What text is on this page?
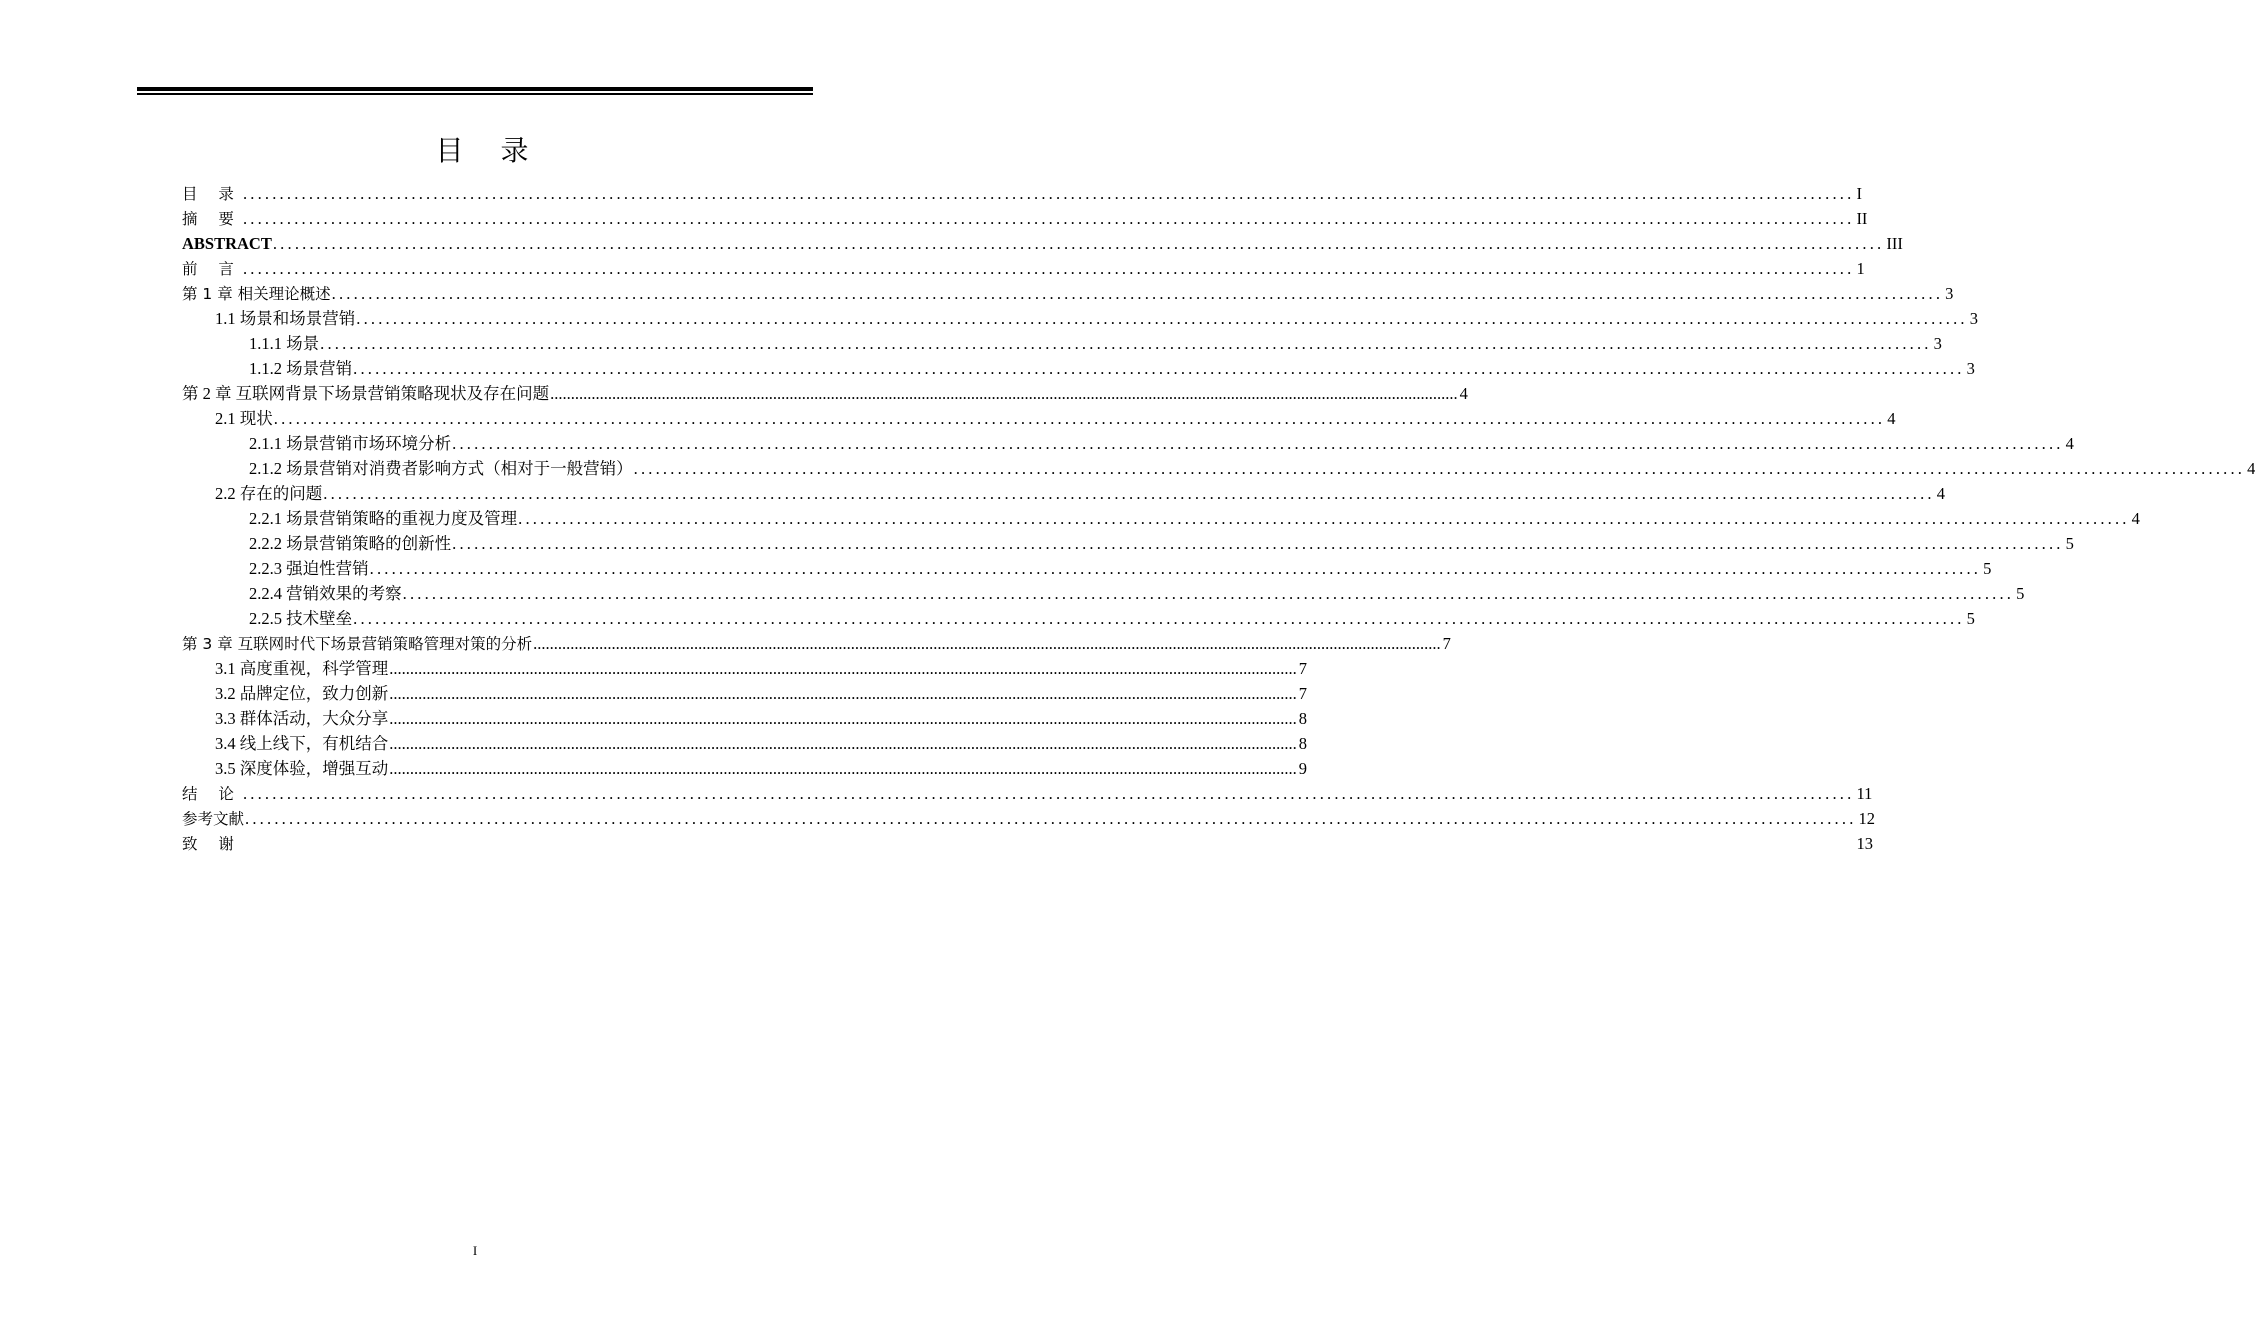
目 录
目 录 ............................................................................................................................................................................................................................ I
摘 要 ............................................................................................................................................................................................................................ II
ABSTRACT ............................................................................................................................................................................................................................ III
前 言 ............................................................................................................................................................................................................................ 1
第 1 章 相关理论概述 ............................................................................................................................................................................................................................ 3
1.1 场景和场景营销 ............................................................................................................................................................................................................................ 3
1.1.1 场景 ............................................................................................................................................................................................................................ 3
1.1.2 场景营销 ............................................................................................................................................................................................................................ 3
第 2 章 互联网背景下场景营销策略现状及存在问题 ............................................................................................................................................................................................................................ 4
2.1 现状 ............................................................................................................................................................................................................................ 4
2.1.1 场景营销市场环境分析 ............................................................................................................................................................................................................................ 4
2.1.2 场景营销对消费者影响方式（相对于一般营销） ............................................................................................................................................................................................................................ 4
2.2 存在的问题 ............................................................................................................................................................................................................................ 4
2.2.1 场景营销策略的重视力度及管理 ............................................................................................................................................................................................................................ 4
2.2.2 场景营销策略的创新性 ............................................................................................................................................................................................................................ 5
2.2.3 强迫性营销 ............................................................................................................................................................................................................................ 5
2.2.4 营销效果的考察 ............................................................................................................................................................................................................................ 5
2.2.5 技术壁垒 ............................................................................................................................................................................................................................ 5
第 3 章 互联网时代下场景营销策略管理对策的分析 ............................................................................................................................................................................................................................ 7
3.1 高度重视，科学管理 ............................................................................................................................................................................................................................ 7
3.2 品牌定位，致力创新 ............................................................................................................................................................................................................................ 7
3.3 群体活动，大众分享 ............................................................................................................................................................................................................................ 8
3.4 线上线下，有机结合 ............................................................................................................................................................................................................................ 8
3.5 深度体验，增强互动 ............................................................................................................................................................................................................................ 9
结 论 ............................................................................................................................................................................................................................ 11
参考文献 ............................................................................................................................................................................................................................ 12
致 谢	13
I
